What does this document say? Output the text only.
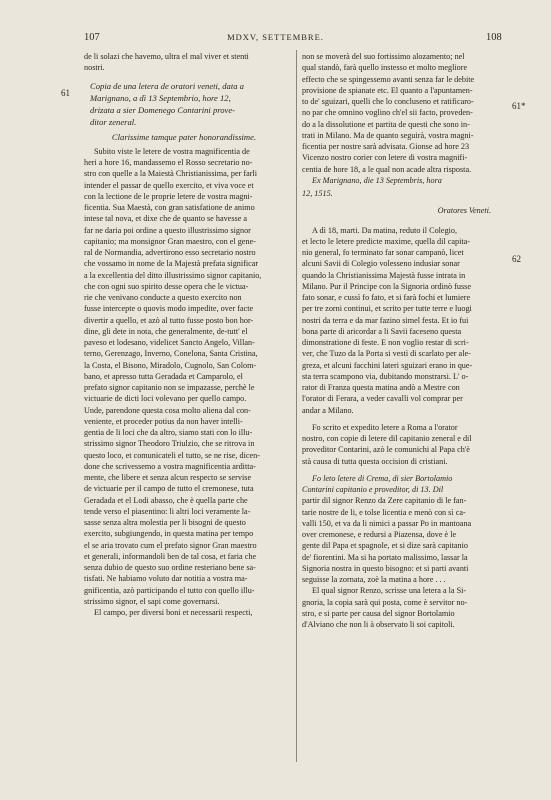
107	MDXV, SETTEMBRE.	108
61
61*
62

de li solazi che havemo, ultra el mal viver et stenti

nostri.

Copia de una letera de oratori veneti, data a
Marignano, a dì 13 Septembrio, hore 12,
drizata a sier Domenego Contarini prove-
ditor zeneral.
Clarissime tamque pater honorandissime.

Subito viste le letere de vostra magnificentia de

heri a hore 16, mandassemo el Rosso secretario no-

stro con quelle a la Maiestà Christianissima, per farli

intender el passar de quello exercito, et viva voce et

con la lectione de le proprie letere de vostra magni-

ficentia. Sua Maestà, con gran satisfatione de animo

intese tal nova, et dixe che de quanto se havesse a

far ne daria poi ordine a questo illustrissimo signor

capitanio; ma monsignor Gran maestro, con el gene-

ral de Normandia, advertirono esso secretario nostro

che vossamo in nome de la Majestà prefata significar

a la excellentia del ditto illustrissimo signor capitanio,

che con ogni suo spirito desse opera che le victua-

rie che venivano conducte a questo exercito non

fusse intercepte o quovis modo impedite, over facte

divertir a quello, et azò al tutto fusse posto bon hor-

dine, gli dete in nota, che generalmente, de-tutt' el

paveso et lodesano, videlicet Sancto Angelo, Villan-

terno, Gerenzago, Inverno, Conelona, Santa Cristina,

la Costa, el Bisono, Miradolo, Cugnolo, San Colom-

bano, et apresso tutta Geradada et Camparolo, el

prefato signor capitanio non se impazasse, perchè le

victuarie de dicti loci volevano per quello campo.

Unde, parendone questa cosa molto aliena dal con-

veniente, et proceder potius da non haver intelli-

gentia de li loci che da altro, siamo stati con lo illu-

strissimo signor Theodoro Triulzio, che se ritrova in

questo loco, et comunicateli el tutto, se ne rise, dicen-

done che scrivessemo a vostra magnificentia arditta-

mente, che libere et senza alcun respecto se servise

de victuarie per il campo de tutto el cremonese, tuta

Geradada et el Lodi abasso, che è quella parte che

tende verso el piasentino: li altri loci veramente la-

sasse senza altra molestia per li bisogni de questo

exercito, subgiungendo, in questa matina per tempo

el se aria trovato cum el prefato signor Gran maestro

et generali, informandoli ben de tal cosa, et faria che

senza dubio de questo suo ordine resteriano bene sa-

tisfati. Ne habiamo voluto dar notitia a vostra ma-

gnificentia, azò participando el tutto con quello illu-

strissimo signor, el sapi come governarsi.

El campo, per diversi boni et necessarii respecti,

non se moverà del suo fortissimo alozamento; nel

qual standò, farà quello instesso et molto megliore

effecto che se spingessemo avanti senza far le debite

provisione de spianate etc. El quanto a l'apuntamen-

to de' sguizari, quelli che lo concluseno et ratificaro-

no par che omnino voglino ch'el sii facto, proveden-

do a la dissolutione et partita de questi che sono in-

trati in Milano. Ma de quanto seguirà, vostra magni-

ficentia per nostre sarà advisata. Gionse ad hore 23

Vicenzo nostro corier con letere di vostra magnifi-

centia de hore 18, a le qual non acade altra risposta.

Ex Marignano, die 13 Septembris, hora

12, 1515.

Oratores Veneti.

A dì 18, marti. Da matina, reduto il Colegio,

et lecto le letere predicte maxime, quella dil capita-

nio general, fo terminato far sonar campanò, licet

alcuni Savii di Colegio volesseno indusiar sonar

quando la Christianissima Majestà fusse intrata in

Milano. Pur il Principe con la Signoria ordinò fusse

fato sonar, e cussì fo fato, et si farà fochi et lumiere

per tre zorni continui, et scrito per tutte terre e luogi

nostri da terra e da mar fazino simel festa. Et io fui

bona parte di aricordar a li Savii faceseno questa

dimonstratione di feste. E non voglio restar di scri-

ver, che Tuzo da la Porta si vestì di scarlato per ale-

greza, et alcuni facchini lateri sguizari erano in que-

sta terra scampono via, dubitando monstrarsi. L' o-

rator di Franza questa matina andò a Mestre con

l'orator di Ferara, a veder cavalli vol comprar per

andar a Milano.

Fo scrito et expedito letere a Roma a l'orator

nostro, con copie di letere dil capitanio zeneral e dil

proveditor Contarini, azò le comunichi al Papa ch'è

stà causa di tutta questa occision di cristiani.

Fo leto letere di Crema, di sier Bortolamio

Contarini capitanio e proveditor, di 13. Dil

partir dil signor Renzo da Zere capitanio di le fan-

tarie nostre de li, e tolse licentia e menò con sì ca-

valli 150, et va da li nimici a passar Po in mantoana

over cremonese, e redursi a Piazensa, dove è le

gente dil Papa et spagnole, et si dize sarà capitanio

de' fiorentini. Ma si ha portato malissimo, lassar la

Signoria nostra in questo bisogno: et si parti avanti

seguisse la zornata, zoè la matina a hore . . .

El qual signor Renzo, scrisse una letera a la Si-

gnoria, la copia sarà qui posta, come è servitor no-

stro, e si parte per causa del signor Bortolamio

d'Alviano che non li à observato li soi capitoli.
